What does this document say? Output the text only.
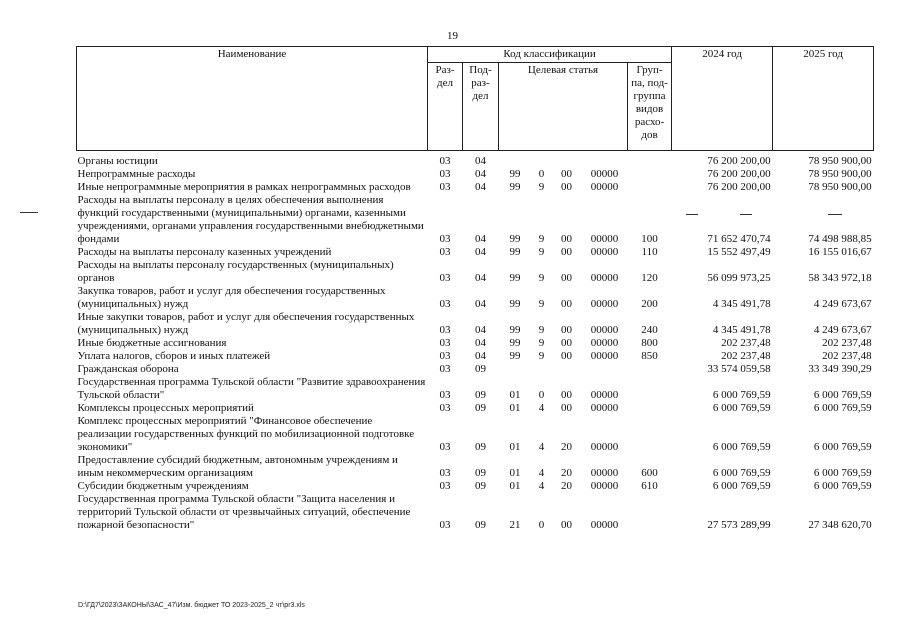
19
Наименование	Код классификации							2024 год	2025 год
	Раз-дел	Под-раз-дел	Целевая статья				Груп-па, под-группа видов расхо-дов		

Органы юстиции	03	04						76 200 200,00	78 950 900,00
Непрограммные расходы	03	04	99	0	00	00000		76 200 200,00	78 950 900,00
Иные непрограммные мероприятия в рамках непрограммных расходов	03	04	99	9	00	00000		76 200 200,00	78 950 900,00
Расходы на выплаты персоналу в целях обеспечения выполнения функций государственными (муниципальными) органами, казенными учреждениями, органами управления государственными внебюджетными фондами	03	04	99	9	00	00000	100	71 652 470,74	74 498 988,85
Расходы на выплаты персоналу казенных учреждений	03	04	99	9	00	00000	110	15 552 497,49	16 155 016,67
Расходы на выплаты персоналу государственных (муниципальных) органов	03	04	99	9	00	00000	120	56 099 973,25	58 343 972,18
Закупка товаров, работ и услуг для обеспечения государственных (муниципальных) нужд	03	04	99	9	00	00000	200	4 345 491,78	4 249 673,67
Иные закупки товаров, работ и услуг для обеспечения государственных (муниципальных) нужд	03	04	99	9	00	00000	240	4 345 491,78	4 249 673,67
Иные бюджетные ассигнования	03	04	99	9	00	00000	800	202 237,48	202 237,48
Уплата налогов, сборов и иных платежей	03	04	99	9	00	00000	850	202 237,48	202 237,48
Гражданская оборона	03	09						33 574 059,58	33 349 390,29
Государственная программа Тульской области "Развитие здравоохранения Тульской области"	03	09	01	0	00	00000		6 000 769,59	6 000 769,59
Комплексы процессных мероприятий	03	09	01	4	00	00000		6 000 769,59	6 000 769,59
Комплекс процессных мероприятий "Финансовое обеспечение реализации государственных функций по мобилизационной подготовке экономики"	03	09	01	4	20	00000		6 000 769,59	6 000 769,59
Предоставление субсидий бюджетным, автономным учреждениям и иным некоммерческим организациям	03	09	01	4	20	00000	600	6 000 769,59	6 000 769,59
Субсидии бюджетным учреждениям	03	09	01	4	20	00000	610	6 000 769,59	6 000 769,59
Государственная программа Тульской области "Защита населения и территорий Тульской области от чрезвычайных ситуаций, обеспечение пожарной безопасности"	03	09	21	0	00	00000		27 573 289,99	27 348 620,70
D:\ГД7\2023\ЗАКОНЫ\ЗАС_47\Изм. бюджет ТО 2023-2025_2 чт\pr3.xls
